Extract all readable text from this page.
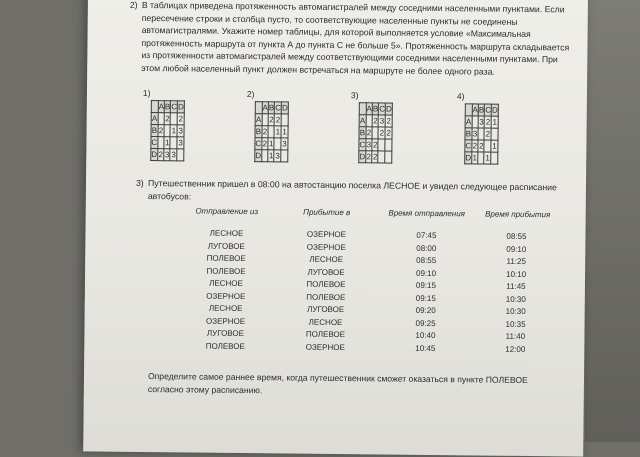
2) В таблицах приведена протяженность автомагистралей между соседними населенными пунктами. Если пересечение строки и столбца пусто, то соответствующие населенные пункты не соединены автомагистралями. Укажите номер таблицы, для которой выполняется условие «Максимальная протяженность маршрута от пункта А до пункта С не больше 5». Протяженность маршрута складывается из протяженности автомагистралей между соответствующими соседними населенными пунктами. При этом любой населенный пункт должен встречаться на маршруте не более одного раза.
1)
	A	B	C	D
A		2		2
B	2		1	3
C		1		3
D	2	3	3	
2)
	A	B	C	D
A		2	2	
B	2		1	1
C	2	1		3
D		1	3	
3)
	A	B	C	D
A		2	3	2
B	2		2	2
C	3	2		
D	2	2		
4)
	A	B	C	D
A		3	2	1
B	3		2	
C	2	2		1
D	1		1	
3) Путешественник пришел в 08:00 на автостанцию поселка ЛЕСНОЕ и увидел следующее расписание автобусов:
Отправление из	Прибытие в	Время отправления	Время прибытия
ЛЕСНОЕ	ОЗЕРНОЕ	07:45	08:55
ЛУГОВОЕ	ОЗЕРНОЕ	08:00	09:10
ПОЛЕВОЕ	ЛЕСНОЕ	08:55	11:25
ПОЛЕВОЕ	ЛУГОВОЕ	09:10	10:10
ЛЕСНОЕ	ПОЛЕВОЕ	09:15	11:45
ОЗЕРНОЕ	ПОЛЕВОЕ	09:15	10:30
ЛЕСНОЕ	ЛУГОВОЕ	09:20	10:30
ОЗЕРНОЕ	ЛЕСНОЕ	09:25	10:35
ЛУГОВОЕ	ПОЛЕВОЕ	10:40	11:40
ПОЛЕВОЕ	ОЗЕРНОЕ	10:45	12:00
Определите самое раннее время, когда путешественник сможет оказаться в пункте ПОЛЕВОЕ согласно этому расписанию.
